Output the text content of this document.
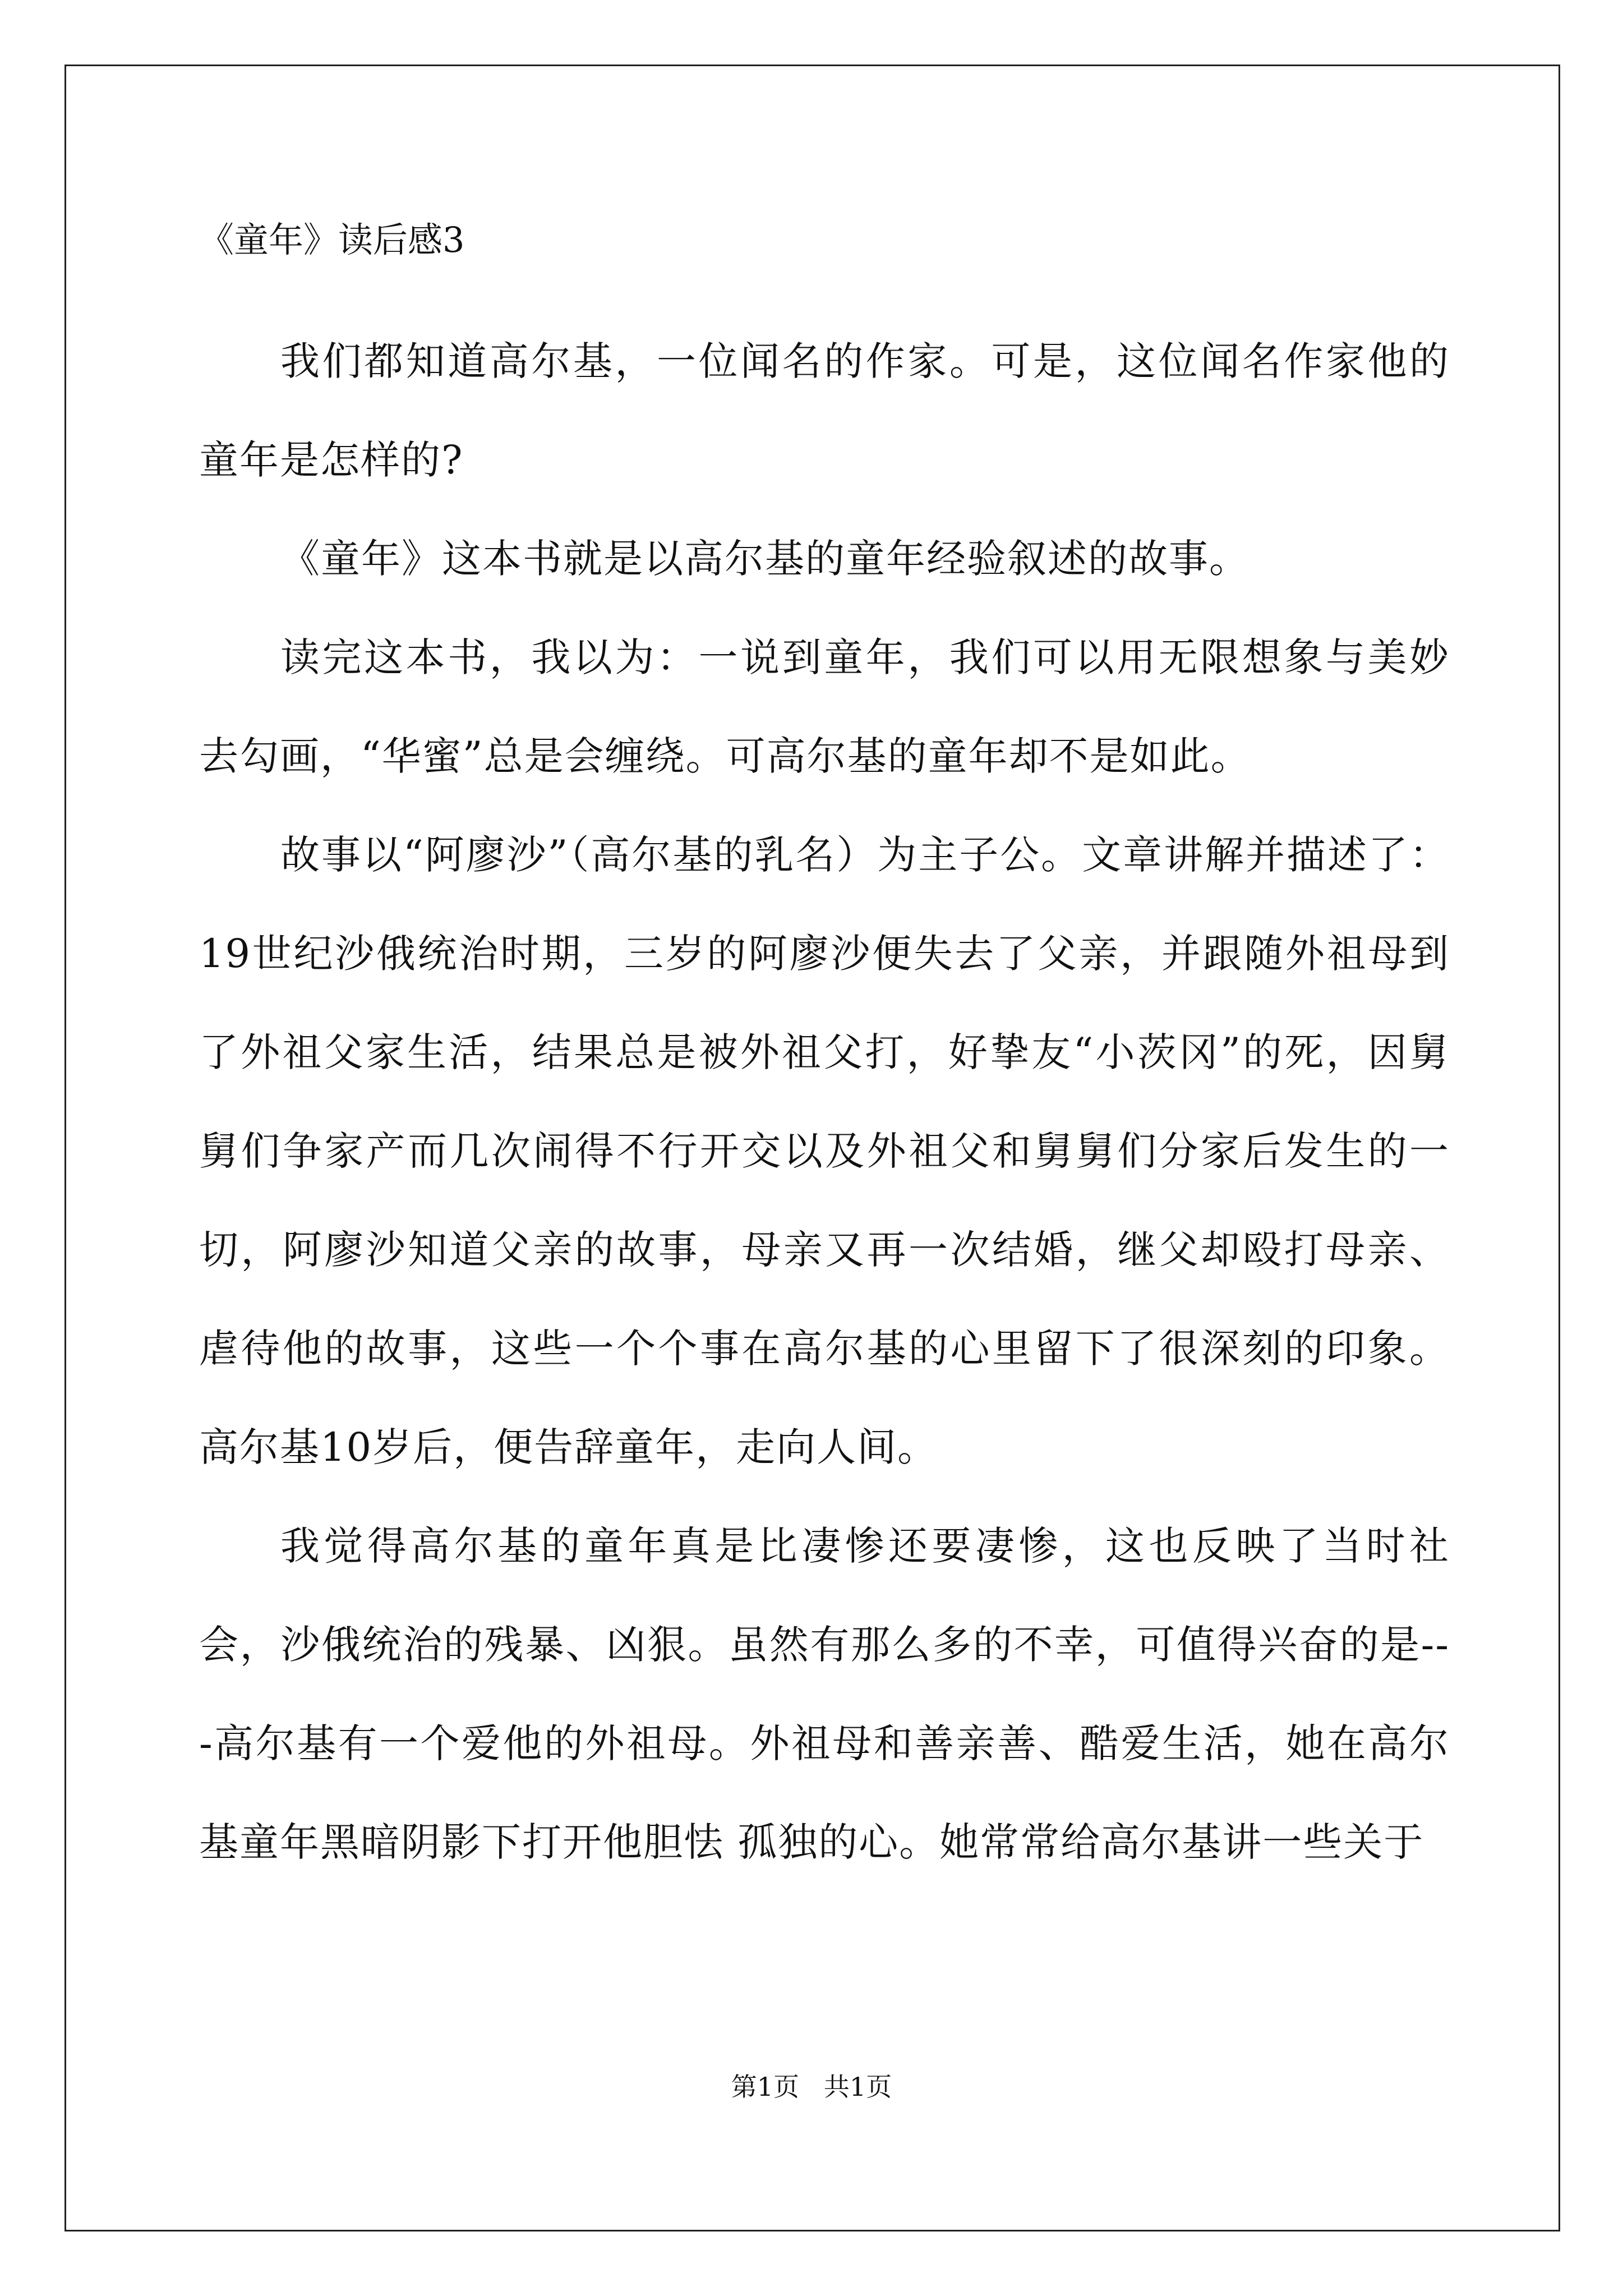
《童年》读后感3

我们都知道高尔基，一位闻名的作家。可是，这位闻名作家他的童年是怎样的?

《童年》这本书就是以高尔基的童年经验叙述的故事。

读完这本书，我以为：一说到童年，我们可以用无限想象与美妙去勾画，“华蜜”总是会缠绕。可高尔基的童年却不是如此。

故事以“阿廖沙”（高尔基的乳名）为主子公。文章讲解并描述了：19世纪沙俄统治时期，三岁的阿廖沙便失去了父亲，并跟随外祖母到了外祖父家生活，结果总是被外祖父打，好挚友“小茨冈”的死，因舅舅们争家产而几次闹得不行开交以及外祖父和舅舅们分家后发生的一切，阿廖沙知道父亲的故事，母亲又再一次结婚，继父却殴打母亲、虐待他的故事，这些一个个事在高尔基的心里留下了很深刻的印象。高尔基10岁后，便告辞童年，走向人间。

我觉得高尔基的童年真是比凄惨还要凄惨，这也反映了当时社会，沙俄统治的残暴、凶狠。虽然有那么多的不幸，可值得兴奋的是---高尔基有一个爱他的外祖母。外祖母和善亲善、酷爱生活，她在高尔基童年黑暗阴影下打开他胆怯 孤独的心。她常常给高尔基讲一些关于

第1页   共1页
